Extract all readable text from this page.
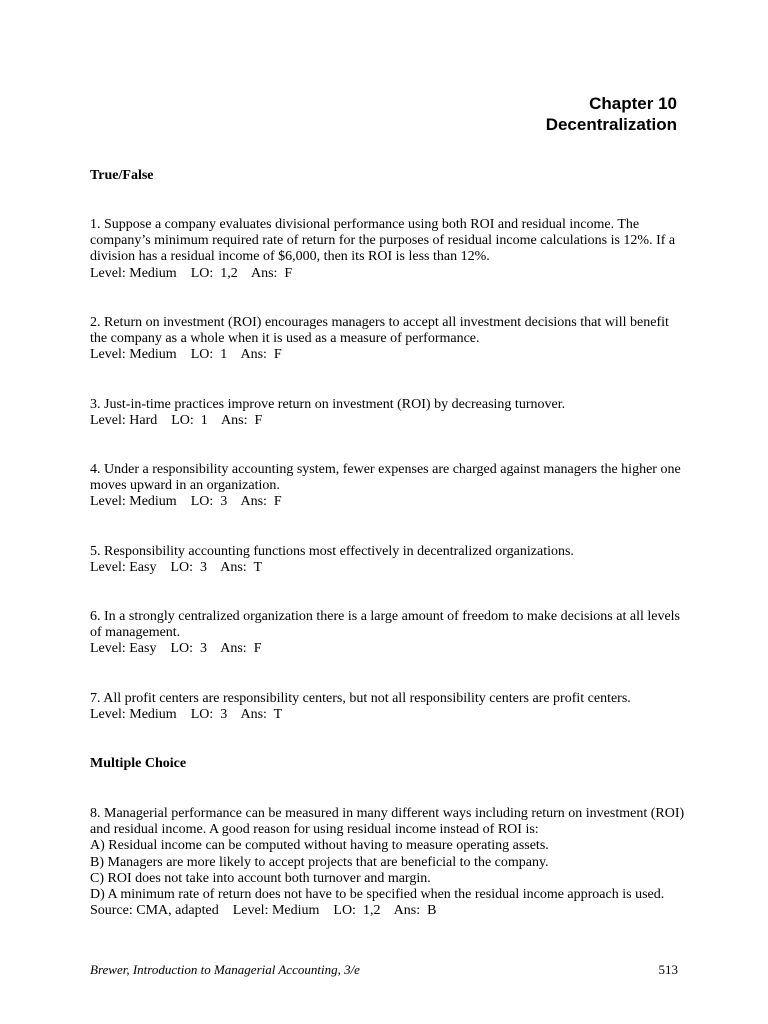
Chapter 10
Decentralization
True/False
1. Suppose a company evaluates divisional performance using both ROI and residual income. The
company’s minimum required rate of return for the purposes of residual income calculations is 12%. If a
division has a residual income of $6,000, then its ROI is less than 12%.
Level: Medium    LO:  1,2    Ans:  F
2. Return on investment (ROI) encourages managers to accept all investment decisions that will benefit
the company as a whole when it is used as a measure of performance.
Level: Medium    LO:  1    Ans:  F
3. Just-in-time practices improve return on investment (ROI) by decreasing turnover.
Level: Hard    LO:  1    Ans:  F
4. Under a responsibility accounting system, fewer expenses are charged against managers the higher one
moves upward in an organization.
Level: Medium    LO:  3    Ans:  F
5. Responsibility accounting functions most effectively in decentralized organizations.
Level: Easy    LO:  3    Ans:  T
6. In a strongly centralized organization there is a large amount of freedom to make decisions at all levels
of management.
Level: Easy    LO:  3    Ans:  F
7. All profit centers are responsibility centers, but not all responsibility centers are profit centers.
Level: Medium    LO:  3    Ans:  T
Multiple Choice
8. Managerial performance can be measured in many different ways including return on investment (ROI)
and residual income. A good reason for using residual income instead of ROI is:
A) Residual income can be computed without having to measure operating assets.
B) Managers are more likely to accept projects that are beneficial to the company.
C) ROI does not take into account both turnover and margin.
D) A minimum rate of return does not have to be specified when the residual income approach is used.
Source: CMA, adapted    Level: Medium    LO:  1,2    Ans:  B
Brewer, Introduction to Managerial Accounting, 3/e	513
